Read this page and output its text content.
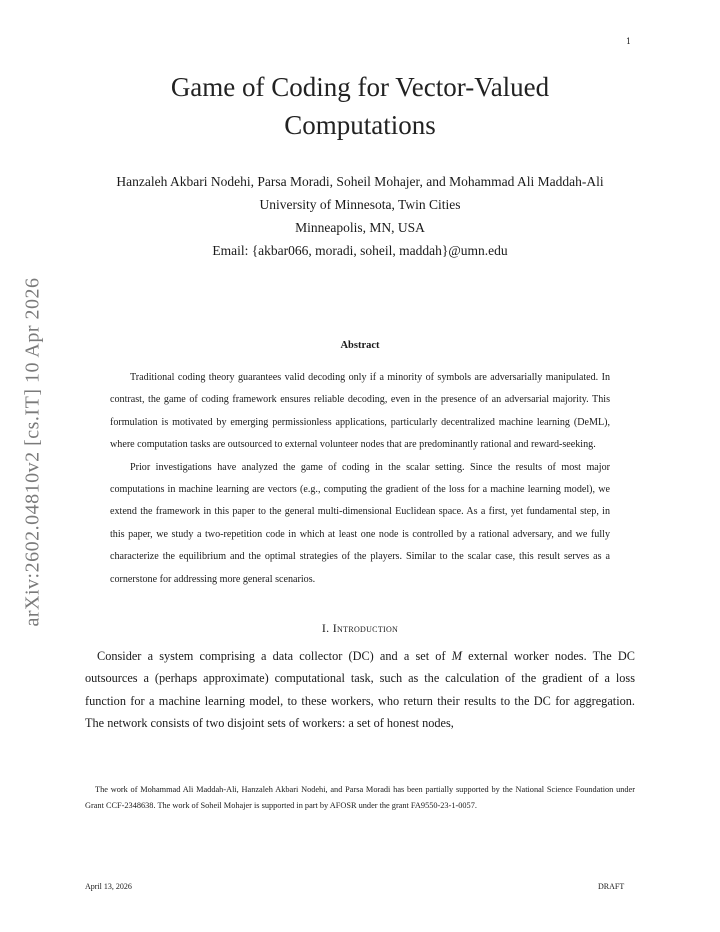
1
arXiv:2602.04810v2 [cs.IT] 10 Apr 2026
Game of Coding for Vector-Valued
Computations
Hanzaleh Akbari Nodehi, Parsa Moradi, Soheil Mohajer, and Mohammad Ali Maddah-Ali
University of Minnesota, Twin Cities
Minneapolis, MN, USA
Email: {akbar066, moradi, soheil, maddah}@umn.edu
Abstract

Traditional coding theory guarantees valid decoding only if a minority of symbols are adversarially manipulated. In contrast, the game of coding framework ensures reliable decoding, even in the presence of an adversarial majority. This formulation is motivated by emerging permissionless applications, particularly decentralized machine learning (DeML), where computation tasks are outsourced to external volunteer nodes that are predominantly rational and reward-seeking.

Prior investigations have analyzed the game of coding in the scalar setting. Since the results of most major computations in machine learning are vectors (e.g., computing the gradient of the loss for a machine learning model), we extend the framework in this paper to the general multi-dimensional Euclidean space. As a first, yet fundamental step, in this paper, we study a two-repetition code in which at least one node is controlled by a rational adversary, and we fully characterize the equilibrium and the optimal strategies of the players. Similar to the scalar case, this result serves as a cornerstone for addressing more general scenarios.

I. Introduction

Consider a system comprising a data collector (DC) and a set of M external worker nodes. The DC outsources a (perhaps approximate) computational task, such as the calculation of the gradient of a loss function for a machine learning model, to these workers, who return their results to the DC for aggregation. The network consists of two disjoint sets of workers: a set of honest nodes,

The work of Mohammad Ali Maddah-Ali, Hanzaleh Akbari Nodehi, and Parsa Moradi has been partially supported by the National Science Foundation under Grant CCF-2348638. The work of Soheil Mohajer is supported in part by AFOSR under the grant FA9550-23-1-0057.

April 13, 2026	DRAFT
